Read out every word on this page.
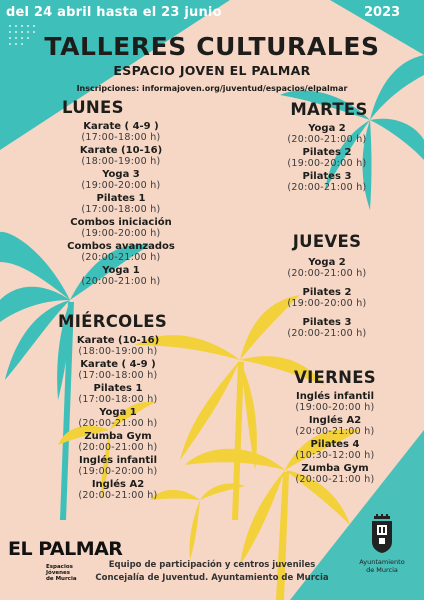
del 24 abril hasta el 23 junio	2023
TALLERES CULTURALES
ESPACIO JOVEN EL PALMAR
Inscripciones: informajoven.org/juventud/espacios/elpalmar
LUNES
Karate ( 4-9 )
(17:00-18:00 h)
Karate (10-16)
(18:00-19:00 h)
Yoga 3
(19:00-20:00 h)
Pilates 1
(17:00-18:00 h)
Combos iniciación
(19:00-20:00 h)
Combos avanzados
(20:00-21:00 h)
Yoga 1
(20:00-21:00 h)
MIÉRCOLES
Karate (10-16)
(18:00-19:00 h)
Karate ( 4-9 )
(17:00-18:00 h)
Pilates 1
(17:00-18:00 h)
Yoga 1
(20:00-21:00 h)
Zumba Gym
(20:00-21:00 h)
Inglés infantil
(19:00-20:00 h)
Inglés A2
(20:00-21:00 h)
MARTES
Yoga 2
(20:00-21:00 h)
Pilates 2
(19:00-20:00 h)
Pilates 3
(20:00-21:00 h)
JUEVES
Yoga 2
(20:00-21:00 h)
Pilates 2
(19:00-20:00 h)
Pilates 3
(20:00-21:00 h)
VIERNES
Inglés infantil
(19:00-20:00 h)
Inglés A2
(20:00-21:00 h)
Pilates 4
(10:30-12:00 h)
Zumba Gym
(20:00-21:00 h)
EL PALMAR
Espacios
Jóvenes
de Murcia
Equipo de participación y centros juveniles
Concejalía de Juventud. Ayuntamiento de Murcia
Ayuntamiento
de Murcia
